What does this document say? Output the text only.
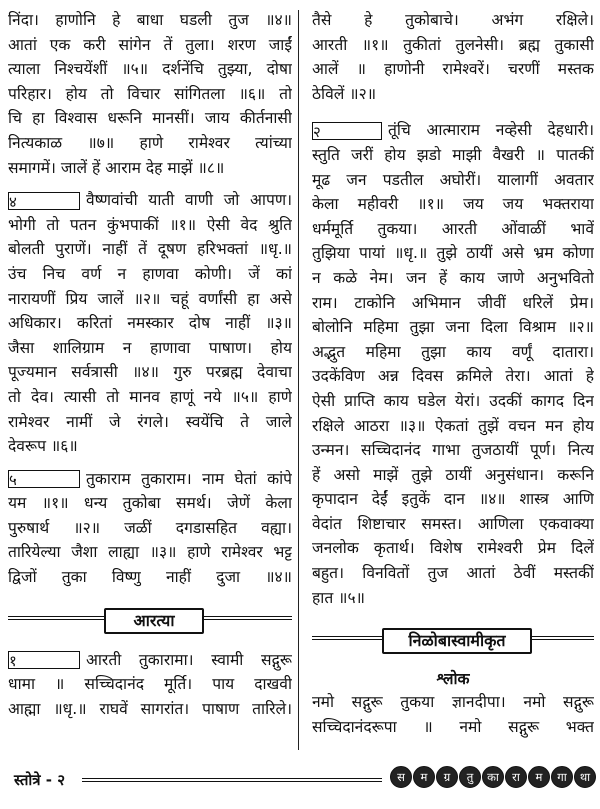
निंदा। हाणोनि हे बाधा घडली तुज ॥४॥
आतां एक करी सांगेन तें तुला। शरण जाईं
त्याला निश्चयेंशीं ॥५॥ दर्शनेंचि तुझ्या, दोषा
परिहार। होय तो विचार सांगितला ॥६॥ तो
चि हा विश्वास धरूनि मानसीं। जाय कीर्तनासी
नित्यकाळ ॥७॥ हाणे रामेश्वर त्यांच्या
समागमें। जालें हें आराम देह माझें ॥८॥
४	वैष्णवांची याती वाणी जो आपण।
भोगी तो पतन कुंभपाकीं ॥१॥ ऐसी वेद श्रुति
बोलती पुराणें। नाहीं तें दूषण हरिभक्तां ॥धृ.॥
उंच निच वर्ण न हाणवा कोणी। जें कां
नारायणीं प्रिय जालें ॥२॥ चहूं वर्णांसी हा असे
अधिकार। करितां नमस्कार दोष नाहीं ॥३॥
जैसा शालिग्राम न हाणावा पाषाण। होय
पूज्यमान सर्वत्रासी ॥४॥ गुरु परब्रह्म देवाचा
तो देव। त्यासी तो मानव हाणूं नये ॥५॥ हाणे
रामेश्वर नामीं जे रंगले। स्वयेंचि ते जाले
देवरूप ॥६॥
५	तुकाराम तुकाराम। नाम घेतां कांपे
यम ॥१॥ धन्य तुकोबा समर्थ। जेणें केला
पुरुषार्थ ॥२॥ जळीं दगडासहित वह्या।
तारियेल्या जैशा लाह्या ॥३॥ हाणे रामेश्वर भट्ट
द्विजों तुका विष्णु नाहीं दुजा ॥४॥
आरत्या
१	आरती तुकारामा। स्वामी सद्गुरू
धामा ॥ सच्चिदानंद मूर्ति। पाय दाखवी
आह्मा ॥धृ.॥ राघवें सागरांत। पाषाण तारिले।
तैसे हे तुकोबाचे। अभंग रक्षिले।
आरती ॥१॥ तुकीतां तुलनेसी। ब्रह्म तुकासी
आलें ॥ हाणोनी रामेश्वरें। चरणीं मस्तक
ठेविलें ॥२॥
२	तूंचि आत्माराम नव्हेसी देहधारी।
स्तुति जरीं होय झडो माझी वैखरी ॥ पातकीं
मूढ जन पडतील अघोरीं। यालागीं अवतार
केला महीवरी ॥१॥ जय जय भक्तराया
धर्ममूर्ति तुकया। आरती ओंवाळीं भावें
तुझिया पायां ॥धृ.॥ तुझे ठायीं असे भ्रम कोणा
न कळे नेम। जन हें काय जाणे अनुभवितो
राम। टाकोनि अभिमान जीवीं धरिलें प्रेम।
बोलोनि महिमा तुझा जना दिला विश्राम ॥२॥
अद्भुत महिमा तुझा काय वर्णूं दातारा।
उदकेंविण अन्न दिवस क्रमिले तेरा। आतां हे
ऐसी प्राप्ति काय घडेल येरां। उदकीं कागद दिन
रक्षिले आठरा ॥३॥ ऐकतां तुझें वचन मन होय
उन्मन। सच्चिदानंद गाभा तुजठायीं पूर्ण। नित्य
हें असो माझें तुझे ठायीं अनुसंधान। करूनि
कृपादान देईं इतुकें दान ॥४॥ शास्त्र आणि
वेदांत शिष्टाचार समस्त। आणिला एकवाक्या
जनलोक कृतार्थ। विशेष रामेश्वरी प्रेम दिलें
बहुत। विनवितों तुज आतां ठेवीं मस्तकीं
हात ॥५॥
निळोबास्वामीकृत
श्लोक
नमो सद्गुरू तुकया ज्ञानदीपा। नमो सद्गुरू
सच्चिदानंदरूपा ॥ नमो सद्गुरू भक्त
स्तोत्रे - २	स	म	ग्र	तु	का	रा	म	गा	था
